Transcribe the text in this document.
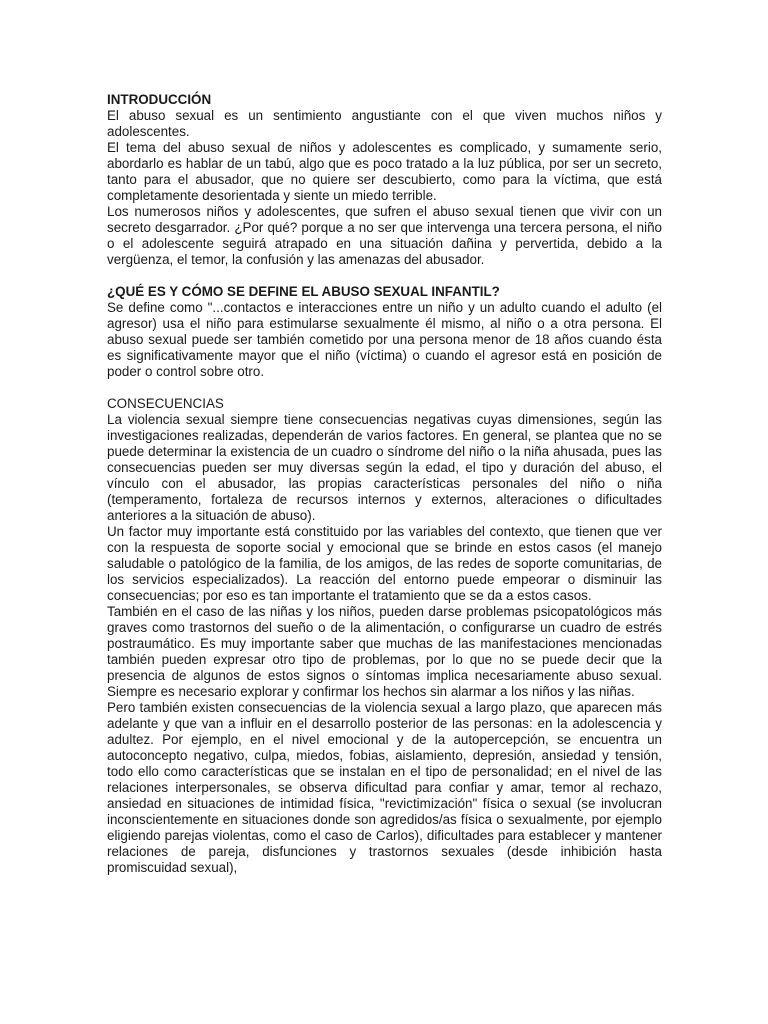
INTRODUCCIÓN

El abuso sexual es un sentimiento angustiante con el que viven muchos niños y adolescentes.

El tema del abuso sexual de niños y adolescentes es complicado, y sumamente serio, abordarlo es hablar de un tabú, algo que es poco tratado a la luz pública, por ser un secreto, tanto para el abusador, que no quiere ser descubierto, como para la víctima, que está completamente desorientada y siente un miedo terrible.

Los numerosos niños y adolescentes, que sufren el abuso sexual tienen que vivir con un secreto desgarrador. ¿Por qué? porque a no ser que intervenga una tercera persona, el niño o el adolescente seguirá atrapado en una situación dañina y pervertida, debido a la vergüenza, el temor, la confusión y las amenazas del abusador.

¿QUÉ ES Y CÓMO SE DEFINE EL ABUSO SEXUAL INFANTIL?

Se define como "...contactos e interacciones entre un niño y un adulto cuando el adulto (el agresor) usa el niño para estimularse sexualmente él mismo, al niño o a otra persona. El abuso sexual puede ser también cometido por una persona menor de 18 años cuando ésta es significativamente mayor que el niño (víctima) o cuando el agresor está en posición de poder o control sobre otro.

CONSECUENCIAS

La violencia sexual siempre tiene consecuencias negativas cuyas dimensiones, según las investigaciones realizadas, dependerán de varios factores. En general, se plantea que no se puede determinar la existencia de un cuadro o síndrome del niño o la niña ahusada, pues las consecuencias pueden ser muy diversas según la edad, el tipo y duración del abuso, el vínculo con el abusador, las propias características personales del niño o niña (temperamento, fortaleza de recursos internos y externos, alteraciones o dificultades anteriores a la situación de abuso).

Un factor muy importante está constituido por las variables del contexto, que tienen que ver con la respuesta de soporte social y emocional que se brinde en estos casos (el manejo saludable o patológico de la familia, de los amigos, de las redes de soporte comunitarias, de los servicios especializados). La reacción del entorno puede empeorar o disminuir las consecuencias; por eso es tan importante el tratamiento que se da a estos casos.

También en el caso de las niñas y los niños, pueden darse problemas psicopatológicos más graves como trastornos del sueño o de la alimentación, o configurarse un cuadro de estrés postraumático. Es muy importante saber que muchas de las manifestaciones mencionadas también pueden expresar otro tipo de problemas, por lo que no se puede decir que la presencia de algunos de estos signos o síntomas implica necesariamente abuso sexual. Siempre es necesario explorar y confirmar los hechos sin alarmar a los niños y las niñas.

Pero también existen consecuencias de la violencia sexual a largo plazo, que aparecen más adelante y que van a influir en el desarrollo posterior de las personas: en la adolescencia y adultez. Por ejemplo, en el nivel emocional y de la autopercepción, se encuentra un autoconcepto negativo, culpa, miedos, fobias, aislamiento, depresión, ansiedad y tensión, todo ello como características que se instalan en el tipo de personalidad; en el nivel de las relaciones interpersonales, se observa dificultad para confiar y amar, temor al rechazo, ansiedad en situaciones de intimidad física, "revictimización" física o sexual (se involucran inconscientemente en situaciones donde son agredidos/as física o sexualmente, por ejemplo eligiendo parejas violentas, como el caso de Carlos), dificultades para establecer y mantener relaciones de pareja, disfunciones y trastornos sexuales (desde inhibición hasta promiscuidad sexual),
